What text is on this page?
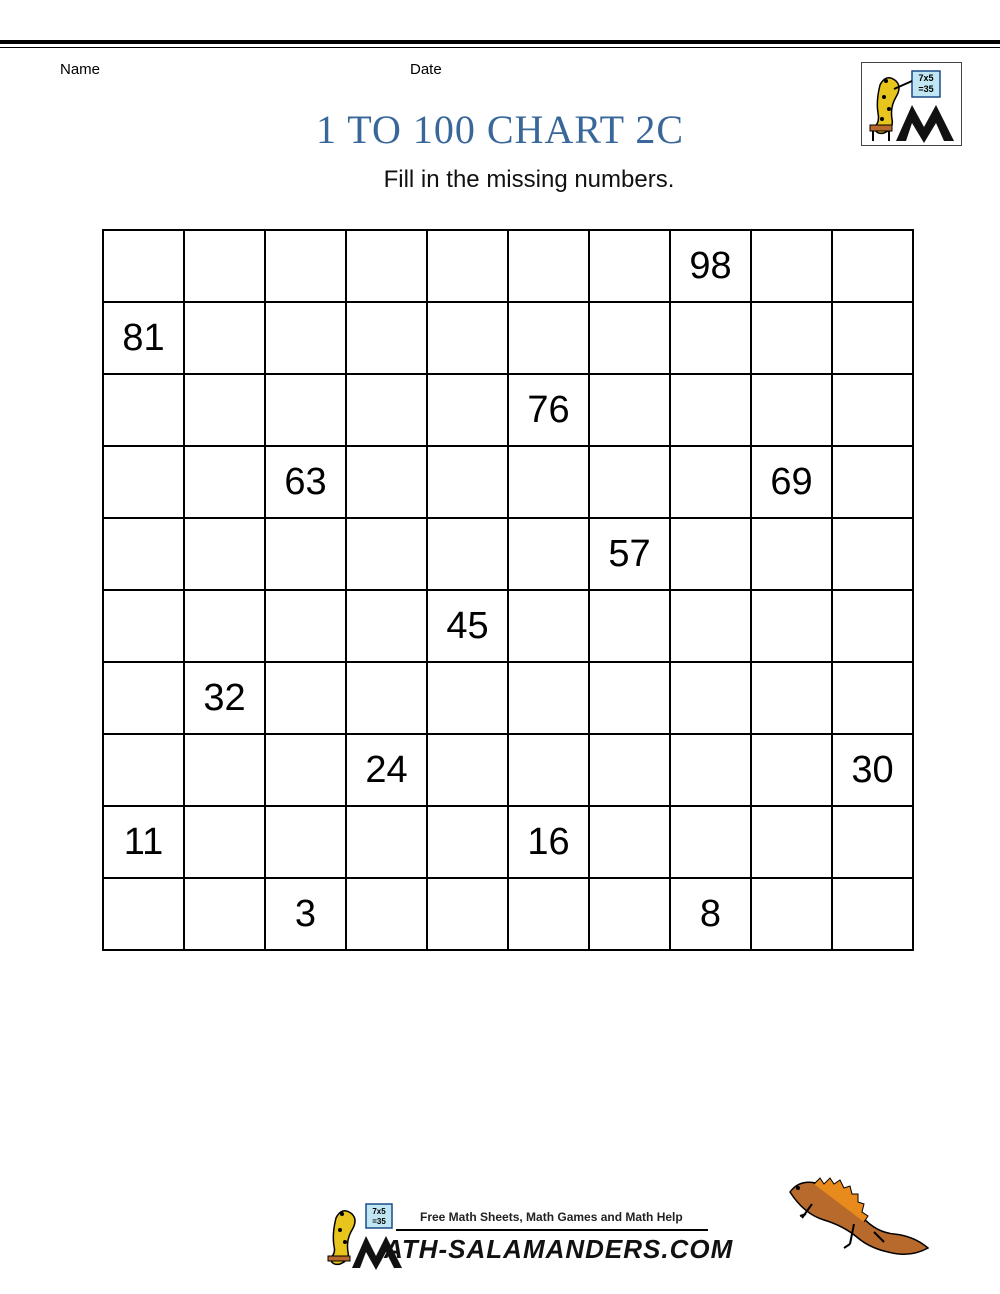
Name	Date	7x5
=35
1 TO 100 CHART 2C
Fill in the missing numbers.
							98		
81									
					76				
		63						69	
						57			
				45					
	32								
			24						30
11					16				
		3					8		
7x5
=35	Free Math Sheets, Math Games and Math Help
ATH-SALAMANDERS.COM
